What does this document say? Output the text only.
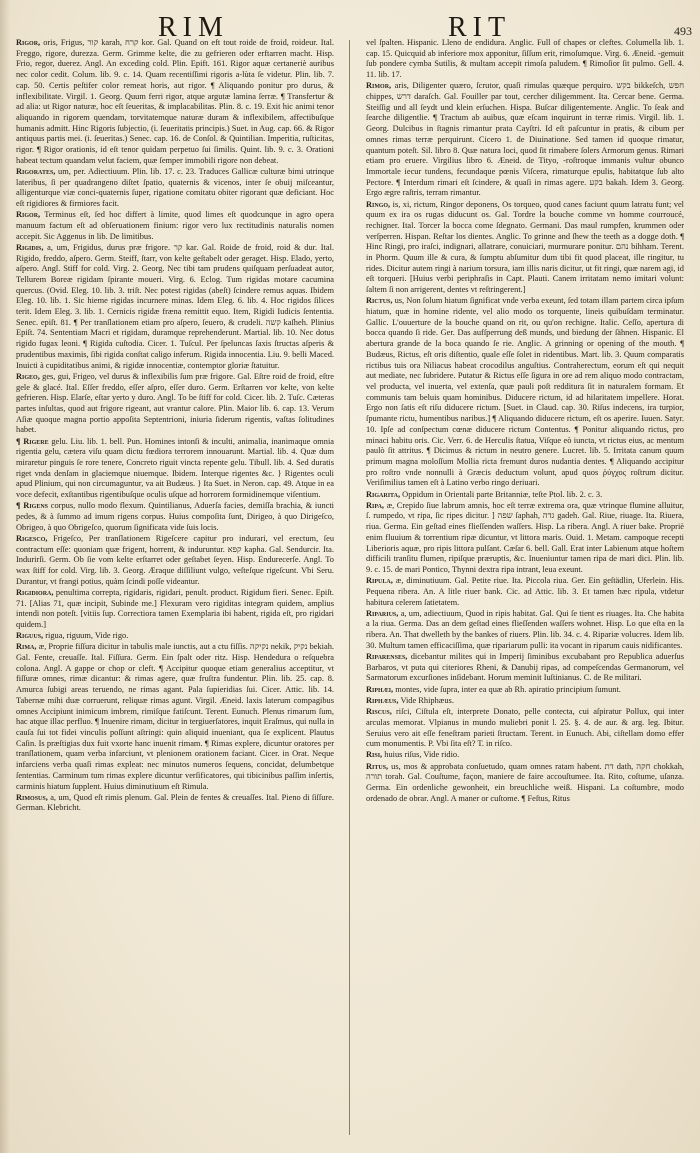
RIM	RIT	493

Rigor, oris, Frigus, קור karah, קרח kor. Gal. Quand on eft tout roide de froid, roideur. Ital. Freggo, rigore, durezza. Germ. Grimme kelte, die zu gefrieren oder erftarren macht. Hisp. Frio, regor, duerez. Angl. An exceding cold. Plin. Epift. 161. Rigor aquæ certaneriè auribus nec color cedit. Colum. lib. 9. c. 14. Quam recentiſſimi rigoris a-lùta ſe videtur. Plin. lib. 7. cap. 50. Certis peſtifer color remeat horis, aut rigor. ¶ Aliquando ponitur pro durus, & inflexibilitate. Virgil. 1. Georg. Quum ferri rigor, atque argutæ lamina ſerræ. ¶ Transfertur & ad alia: ut Rigor naturæ, hoc eſt ſeueritas, & implacabilitas. Plin. 8. c. 19. Exit hic animi tenor aliquando in rigorem quendam, torvitatemque naturæ duram & inflexibilem, affectibuſque humanis admitt. Hinc Rigoris ſubjectio, (i. ſeueritatis principis.) Suet. in Aug. cap. 66. & Rigor antiquus partis mei. (i. ſeueritas.) Senec. cap. 16. de Conſol. & Quintilian. Imperitia, ruſticitas, rigor. ¶ Rigor orationis, id eſt tenor quidam perpetuo ſui ſimilis. Quint. lib. 9. c. 3. Orationi habeat tectum quandam velut faciem, quæ ſemper immobili rigore non debeat.

Rigorates, um, per. Adiectiuum. Plin. lib. 17. c. 23. Traduces Gallicæ culturæ bimi utrinque lateribus, ſi per quadrangeno diſtet ſpatio, quaternis & vicenos, inter ſe obuij miſceantur, alligenturque viæ conci-quaternis ſuper, rigatione comitatu obiter rigorant quæ deficiant. Hoc eſt rigidiores & firmiores facit.

Rigor, Terminus eſt, ſed hoc differt à limite, quod limes eſt quodcunque in agro opera manuum factum eſt ad obſeruationem finium: rigor vero lux rectitudinis naturalis nomen accepit. Sic Aggenus in lib. De limitibus.

Rigidis, a, um, Frigidus, durus præ frigore. קר kar. Gal. Roide de froid, roid & dur. Ital. Rigido, freddo, aſpero. Germ. Steiff, ſtarr, von kelte geſtabelt oder geraget. Hisp. Elado, yerto, aſpero. Angl. Stiff for cold. Virg. 2. Georg. Nec tibi tam prudens quiſquam perſuadeat autor, Tellurem Boreæ rigidam ſpirante moueri. Virg. 6. Eclog. Tum rigidas motare cacumina quercus. (Ovid. Eleg. 10. lib. 3. triſt. Nec potest rigidas (abeſt) ſcindere remus aquas. Ibidem Eleg. 10. lib. 1. Sic hieme rigidas incurnere minas. Idem Eleg. 6. lib. 4. Hoc rigidos ſilices terit. Idem Eleg. 3. lib. 1. Cernicis rigidæ fræna remittit equo. Item, Rigidi Iudicis ſententia. Senec. epiſt. 81. ¶ Per tranſlationem etiam pro aſpero, ſeuero, & crudeli. קשה kaſheh. Plinius Epiſt. 74. Sententiam Macri et rigidam, duramque reprehenderunt. Martial. lib. 10. Nec dotus rigido fugax leoni. ¶ Rigida cuſtodia. Cicer. 1. Tuſcul. Per ſpeluncas ſaxis ſtructas aſperis & prudentibus maximis, ſibi rigida conſtat caligo inferum. Rigida innocentia. Liu. 9. belli Maced. Inuicti à cupiditatibus animi, & rigidæ innocentiæ, contemptor gloriæ ſtatuitur.

Rigeo, ges, gui, Frigeo, vel durus & inflexibilis ſum præ frigore. Gal. Eſtre roid de froid, eſtre gele & glacé. Ital. Eſſer freddo, eſſer aſpro, eſſer duro. Germ. Erſtarren vor kelte, von kelte gefrieren. Hisp. Elarſe, eſtar yerto y duro. Angl. To be ſtiff for cold. Cicer. lib. 2. Tuſc. Cæteras partes inſultas, quod aut frigore rigeant, aut vrantur calore. Plin. Maior lib. 6. cap. 13. Verum Aſiæ quoque magna portio appoſita Septentrioni, iniuria ſiderum rigentis, vaſtas ſolitudines habet.

¶ Rigere gelu. Liu. lib. 1. bell. Pun. Homines intonſi & inculti, animalia, inanimaque omnia rigentia gelu, cætera viſu quam dictu fœdiora terrorem innouarunt. Martial. lib. 4. Quæ dum miraretur pinguis ſe rore tenere, Concreto riguit vincta repente gelu. Tibull. lib. 4. Sed duratis riget vnda denſam in glaciemque niuemque. Ibidem. Interque rigentes &c. } Rigentes oculi apud Plinium, qui non circumaguntur, va ait Budæus. } Ita Suet. in Neron. cap. 49. Atque in ea voce defecit, exſtantibus rigentibuſque oculis uſque ad horrorem formidinemque viſentium.

¶ Rigens corpus, nullo modo flexum. Quintilianus, Aduerſa facies, demiſſa brachia, & iuncti pedes, & à ſummo ad imum rigens corpus. Huius compoſita ſunt, Dirigeo, à quo Dirigeſco, Obrigeo, à quo Obrigeſco, quorum ſignificata vide ſuis locis.

Rigeſco, Frigeſco, Per tranſlationem Rigeſcere capitur pro indurari, vel erectum, ſeu contractum eſſe: quoniam quæ frigent, horrent, & induruntur. קפא kapha. Gal. Sendurcir. Ita. Indurirſi. Germ. Ob ſie vom kelte erſtarret oder geſtabet ſeyen. Hisp. Endurecerſe. Angl. To wax ſtiff for cold. Virg. lib. 3. Georg. Æraque diſſiliunt vulgo, veſteſque rigeſcunt. Vbi Seru. Durantur, vt frangi potius, quàm ſcindi poſſe videantur.

Rigidiora, penultima correpta, rigidaris, rigidari, penult. product. Rigidum fieri. Senec. Epiſt. 71. [Alias 71, quæ incipit, Subinde me.] Flexuram vero rigiditas integram quidem, amplius intendi non poteſt. [vitiis ſup. Correctiora tamen Exemplaria ibi habent, rigida eſt, pro rigidari quidem.]

Riguus, rigua, riguum, Vide rigo.

Rima, æ, Proprie fiſſura dicitur in tabulis male iunctis, aut a ctu fiſſis. נקיקה nekik, נקיק bekiah. Gal. Fente, creuaſſe. Ital. Fiſſura. Germ. Ein ſpalt oder ritz. Hisp. Hendedura o reſquebra colona. Angl. A gappe or chop or cleft. ¶ Accipitur quoque etiam generalius acceptitur, vt fiſſuræ omnes, rimæ dicantur: & rimas agere, quæ fruſtra fundentur. Plin. lib. 25. cap. 8. Amurca ſubigi areas teruendo, ne rimas agant. Pala ſupieridias ſui. Cicer. Attic. lib. 14. Tabernæ mihi duæ corruerunt, reliquæ rimas agunt. Virgil. Æneid. laxis laterum compagibus omnes Accipiunt inimicum imbrem, rimiſque fatiſcunt. Terent. Eunuch. Plenus rimarum ſum, hac atque illac perfluo. ¶ Inuenire rimam, dicitur in tergiuerſatores, inquit Eraſmus, qui nulla in cauſa ſui tot fidei vinculis poſſunt aſtringi: quin aliquid inueniant, qua ſe explicent. Plautus Caſin. Is præſtigias dux fuit vxorte hanc inuenit rimam. ¶ Rimas explere, dicuntur oratores per tranſlationem, quam verba infarciunt, vt plenionem orationem faciant. Cicer. in Orat. Neque infarciens verba quaſi rimas expleat: nec minutos numeros ſequens, concidat, delumbetque ſententias. Carminum tum rimas explere dicuntur verſificatores, qui tibicinibus paſſim inſertis, carminis hiatum ſupplent. Huius diminutiuum eſt Rimula.

Rimoſus, a, um, Quod eſt rimis plenum. Gal. Plein de fentes & creuaſſes. Ital. Pieno di ſiſſure. German. Klebricht.

vel ſpalten. Hispanic. Lleno de endidura. Anglic. Full of chapes or cleftes. Columella lib. 1. cap. 15. Quicquid ab inferiore mox apponitur, ſiſſum erit, rimoſumque. Virg. 6. Æneid. -gemuit ſub pondere cymba Sutilis, & multam accepit rimoſa paludem. ¶ Rimoſior ſit pulmo. Gell. 4. 11. lib. 17.

Rimor, aris, Diligenter quæro, ſcrutor, quaſi rimulas quæque perquiro. בקש bikkeſch, חפש chippes, דרש daraſch. Gal. Fouiller par tout, cercher diligemment. Ita. Cercar bene. Germa. Steiſſig und all ſeydt und klein erſuchen. Hispa. Buſcar diligentemente. Anglic. To ſeak and ſearche diligentlie. ¶ Tractum ab auibus, quæ eſcam inquirunt in terræ rimis. Virgil. lib. 1. Georg. Dulcibus in ſtagnis rimantur prata Cayſtri. Id eſt paſcuntur in pratis, & cibum per omnes rimas terræ perquirunt. Cicero 1. de Diuinatione. Sed tamen id quoque rimatur, quantum poteſt. Sil. libro 8. Quæ natura loci, quod ſit rimabere ſolers Armorum genus. Rimari etiam pro eruere. Virgilius libro 6. Æneid. de Tityo, -roſtroque immanis vultur obunco Immortale iecur tundens, fecundaque pœnis Viſcera, rimaturque epulis, habitatque ſub alto Pectore. ¶ Interdum rimari eſt ſcindere, & quaſi in rimas agere. בקע bakah. Idem 3. Georg. Ergo ægre raſtris, terram rimantur.

Ringo, is, xi, rictum, Ringor deponens, Os torqueo, quod canes faciunt quum latratu funt; vel quum ex ira os rugas diducunt os. Gal. Tordre la bouche comme vn homme courroucé, rechigner. Ital. Torcer la bocca come ſdegnato. Germani. Das maul rumpfen, krummen oder verſperren. Hispan. Reſtar los dientes. Anglic. To grinne and ſhew the teeth as a dogge doth. ¶ Hinc Ringi, pro iraſci, indignari, allatrare, conuiciari, murmurare ponitur. נהם bihham. Terent. in Phorm. Quum ille & cura, & ſumptu abſumitur dum tibi fit quod placeat, ille ringitur, tu rides. Dicitur autem ringi à narium torsura, iam illis naris dicitur, ut fit ringi, quæ narem agi, id eſt torqueri. [Huius verbi periphraſis in Capt. Plauti. Canem irritatam nemo imitari volunt: ſaltem ſi non arrigerent, dentes vt reſtringerent.]

Rictus, us, Non ſolum hiatum ſignificat vnde verba exeunt, ſed totam illam partem circa ipſum hiatum, quæ in homine ridente, vel alio modo os torquente, lineis quibuſdam terminatur. Gallic. L'ouuerture de la bouche quand on rit, ou qu'on rechigne. Italic. Ceſſo, apertura di bocca quando ſi ride. Ger. Das aufſperrung deß munds, und biedung der ſähnen. Hispanic. El abertura grande de la boca quando ſe rie. Anglic. A grinning or opening of the mouth. ¶ Budæus, Rictus, eſt oris diſtentio, quale eſſe ſolet in ridentibus. Mart. lib. 3. Quum comparatis rictibus tuis ora Niliacus habeat crocodilus anguſtius. Contraherectum, eorum eſt qui nequit aut mediate, nec ſubridere. Putatur & Rictus eſſe ſigura in ore ad rem aliquo modo contractam, vel producta, vel inuerta, vel extenſa, quæ pauli poſt redditura ſit in naturalem formam. Et communis tam beluis quam hominibus. Diducere rictum, id ad hilaritatem impellere. Horat. Ergo non ſatis eſt riſu diducere rictum. [Suet. in Claud. cap. 30. Riſus indecens, ira turpior, ſpumante rictu, humentibus naribus.] ¶ Aliquando diducere rictum, eſt os aperire. Iuuen. Satyr. 10. Ipſe ad conſpectum cœnæ diducere rictum Contentus. ¶ Ponitur aliquando rictus, pro minaci habitu oris. Cic. Verr. 6. de Herculis ſtatua, Viſque eò iuncta, vt rictus eius, ac mentum paulò ſit attritus. ¶ Dicimus & rictum in neutro genere. Lucret. lib. 5. Irritata canum quum primum magna moloſſum Mollia ricta fremunt duros nudantia dentes. ¶ Aliquando accipitur pro roſtro vnde nonnulli à Græcis deductum volunt, apud quos ῥύγχος roſtrum dicitur. Veriſimilius tamen eſt à Latino verbo ringo deriuari.

Rigarita, Oppidum in Orientali parte Britanniæ, teſte Ptol. lib. 2. c. 3.

Ripa, æ, Crepido ſiue labrum amnis, hoc eſt terræ extrema ora, quæ vtrinque flumine alluitur, ſ. rumpedo, vt ripa, ſic ripes dicitur. ] שפה ſaphah, גדה gadeh. Gal. Riue, riuage. Ita. Riuera, riua. Germa. Ein geſtad eines flieſſenden waſſers. Hisp. La ribera. Angl. A riuer bake. Propriè enim fluuium & torrentium ripæ dicuntur, vt littora maris. Ouid. 1. Metam. campoque recepti Liberioris aquæ, pro ripis littora pulſant. Cæſar 6. bell. Gall. Erat inter Labienum atque hoſtem difficili tranſitu flumen, ripiſque præruptis, &c. Inueniuntur tamen ripa de mari dici. Plin. lib. 9. c. 15. de mari Pontico, Thynni dextra ripa intrant, leua exeunt.

Ripula, æ, diminutiuum. Gal. Petite riue. Ita. Piccola riua. Ger. Ein geſtädlin, Uferlein. His. Pequena ribera. An. A litle riuer bank. Cic. ad Attic. lib. 3. Et tamen hæc ripula, vtdetur habitura celerem ſatietatem.

Riparius, a, um, adiectiuum, Quod in ripis habitat. Gal. Qui ſe tient es riuages. Ita. Che habita a la riua. Germa. Das an dem geſtad eines flieſſenden waſſers wohnet. Hisp. Lo que eſta en la ribera. An. That dwelleth by the bankes of riuers. Plin. lib. 34. c. 4. Ripariæ volucres. Idem lib. 30. Multum tamen efficaciſſima, quæ ripariarum pulli: ita vocant in riparum cauis nidificantes.

Riparenſes, dicebantur milites qui in Imperij ſiminibus excubabant pro Republica aduerſus Barbaros, vt puta qui citeriores Rheni, & Danubij ripas, ad compeſcendas Germanorum, vel Sarmatorum excurſiones inſidebant. Horum meminit Iuſtinianus. C. de Re militari.

Riphæi, montes, vide ſupra, inter ea quæ ab Rh. apiratio principium ſumunt.

Riphæus, Vide Rhiphæus.

Riſcus, riſci, Ciſtula eſt, interprete Donato, pelle contecta, cui aſpiratur Pollux, qui inter arculas memorat. Vlpianus in mundo muliebri ponit l. 25. §. 4. de aur. & arg. leg. Ibitur. Seruius vero ait eſſe feneſtram parieti ſtructam. Terent. in Eunuch. Abi, ciſtellam domo effer cum monumentis. P. Vbi ſita eſt? T. in riſco.

Riſi, huius riſus, Vide ridio.

Ritus, us, mos & approbata conſuetudo, quam omnes ratam habent. דת dath, חקה chokkah, תורה torah. Gal. Couſtume, façon, maniere de faire accouſtumee. Ita. Rito, coſtume, uſanza. Germa. Ein ordenliche gewonheit, ein breuchliche weiß. Hispani. La coſtumbre, modo ordenado de obrar. Angl. A maner or cuſtome. ¶ Feſtus, Ritus
